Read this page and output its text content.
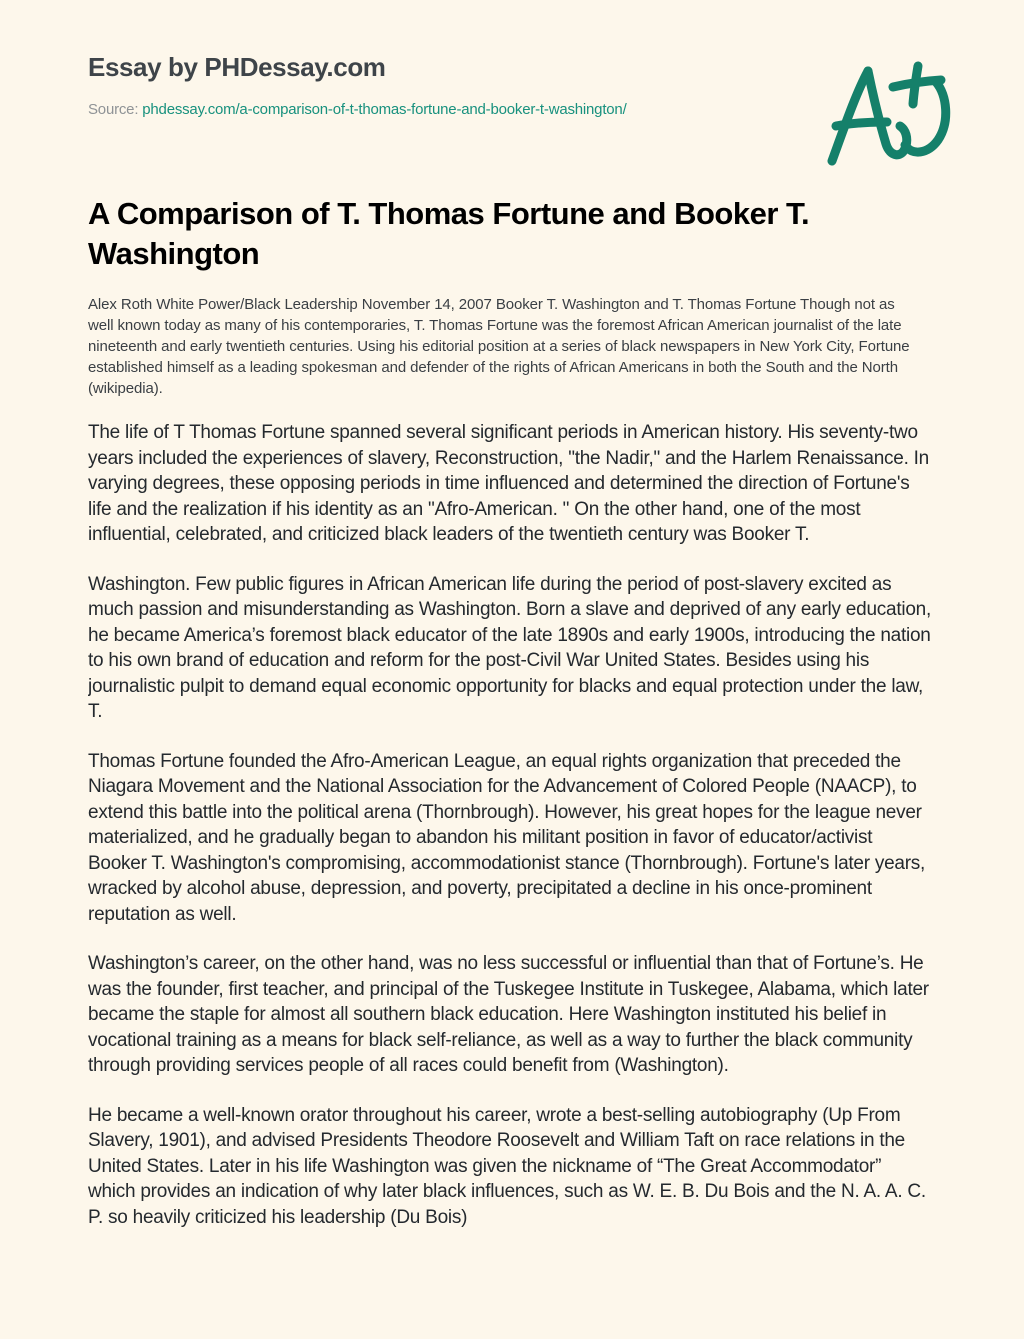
Essay by PHDessay.com

Source: phdessay.com/a-comparison-of-t-thomas-fortune-and-booker-t-washington/

A Comparison of T. Thomas Fortune and Booker T. Washington

Alex Roth White Power/Black Leadership November 14, 2007 Booker T. Washington and T. Thomas Fortune Though not as well known today as many of his contemporaries, T. Thomas Fortune was the foremost African American journalist of the late nineteenth and early twentieth centuries. Using his editorial position at a series of black newspapers in New York City, Fortune established himself as a leading spokesman and defender of the rights of African Americans in both the South and the North (wikipedia).

The life of T Thomas Fortune spanned several significant periods in American history. His seventy-two years included the experiences of slavery, Reconstruction, "the Nadir," and the Harlem Renaissance. In varying degrees, these opposing periods in time influenced and determined the direction of Fortune's life and the realization if his identity as an "Afro-American. " On the other hand, one of the most influential, celebrated, and criticized black leaders of the twentieth century was Booker T.

Washington. Few public figures in African American life during the period of post-slavery excited as much passion and misunderstanding as Washington. Born a slave and deprived of any early education, he became America’s foremost black educator of the late 1890s and early 1900s, introducing the nation to his own brand of education and reform for the post-Civil War United States. Besides using his journalistic pulpit to demand equal economic opportunity for blacks and equal protection under the law, T.

Thomas Fortune founded the Afro-American League, an equal rights organization that preceded the Niagara Movement and the National Association for the Advancement of Colored People (NAACP), to extend this battle into the political arena (Thornbrough). However, his great hopes for the league never materialized, and he gradually began to abandon his militant position in favor of educator/activist Booker T. Washington's compromising, accommodationist stance (Thornbrough). Fortune's later years, wracked by alcohol abuse, depression, and poverty, precipitated a decline in his once-prominent reputation as well.

Washington’s career, on the other hand, was no less successful or influential than that of Fortune’s. He was the founder, first teacher, and principal of the Tuskegee Institute in Tuskegee, Alabama, which later became the staple for almost all southern black education. Here Washington instituted his belief in vocational training as a means for black self-reliance, as well as a way to further the black community through providing services people of all races could benefit from (Washington).

He became a well-known orator throughout his career, wrote a best-selling autobiography (Up From Slavery, 1901), and advised Presidents Theodore Roosevelt and William Taft on race relations in the United States. Later in his life Washington was given the nickname of “The Great Accommodator” which provides an indication of why later black influences, such as W. E. B. Du Bois and the N. A. A. C. P. so heavily criticized his leadership (Du Bois)
